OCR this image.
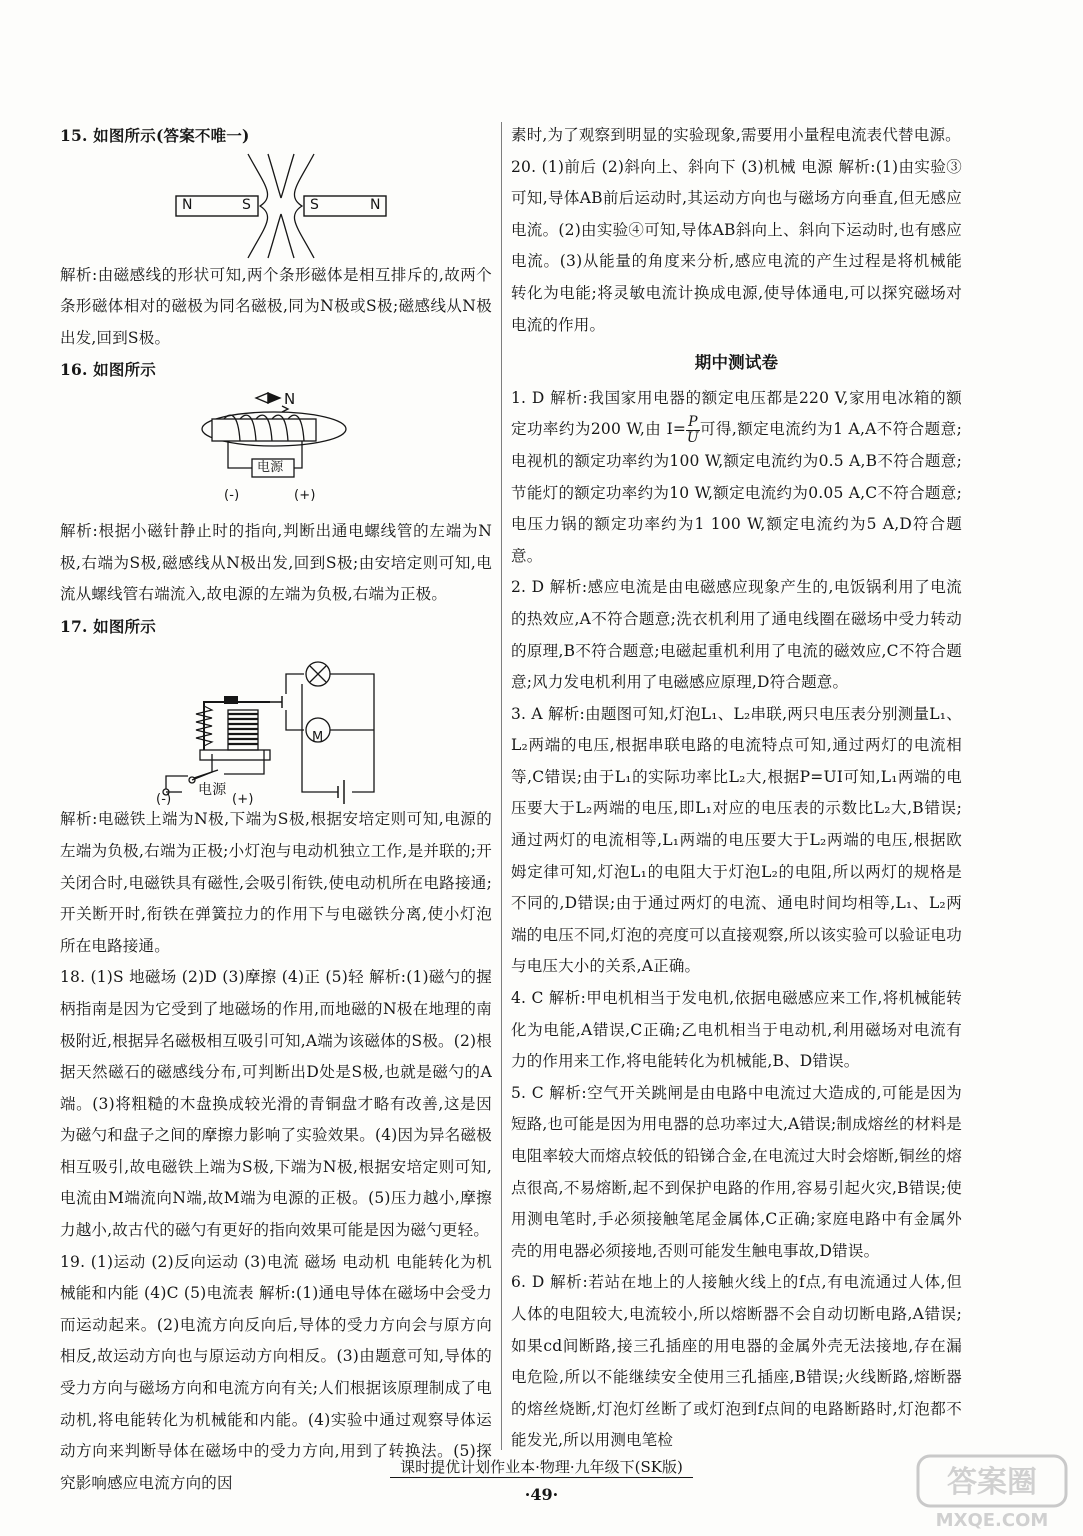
15. 如图所示(答案不唯一)

N	S	S	N

解析:由磁感线的形状可知,两个条形磁体是相互排斥的,故两个条形磁体相对的磁极为同名磁极,同为N极或S极;磁感线从N极出发,回到S极。

16. 如图所示

N
电源
(-)	(+)

解析:根据小磁针静止时的指向,判断出通电螺线管的左端为N极,右端为S极,磁感线从N极出发,回到S极;由安培定则可知,电流从螺线管右端流入,故电源的左端为负极,右端为正极。

17. 如图所示

M
电源
(-)	(+)

解析:电磁铁上端为N极,下端为S极,根据安培定则可知,电源的左端为负极,右端为正极;小灯泡与电动机独立工作,是并联的;开关闭合时,电磁铁具有磁性,会吸引衔铁,使电动机所在电路接通;开关断开时,衔铁在弹簧拉力的作用下与电磁铁分离,使小灯泡所在电路接通。

18. (1)S 地磁场 (2)D (3)摩擦 (4)正 (5)轻 解析:(1)磁勺的握柄指南是因为它受到了地磁场的作用,而地磁的N极在地理的南极附近,根据异名磁极相互吸引可知,A端为该磁体的S极。(2)根据天然磁石的磁感线分布,可判断出D处是S极,也就是磁勺的A端。(3)将粗糙的木盘换成较光滑的青铜盘才略有改善,这是因为磁勺和盘子之间的摩擦力影响了实验效果。(4)因为异名磁极相互吸引,故电磁铁上端为S极,下端为N极,根据安培定则可知,电流由M端流向N端,故M端为电源的正极。(5)压力越小,摩擦力越小,故古代的磁勺有更好的指向效果可能是因为磁勺更轻。

19. (1)运动 (2)反向运动 (3)电流 磁场 电动机 电能转化为机械能和内能 (4)C (5)电流表 解析:(1)通电导体在磁场中会受力而运动起来。(2)电流方向反向后,导体的受力方向会与原方向相反,故运动方向也与原运动方向相反。(3)由题意可知,导体的受力方向与磁场方向和电流方向有关;人们根据该原理制成了电动机,将电能转化为机械能和内能。(4)实验中通过观察导体运动方向来判断导体在磁场中的受力方向,用到了转换法。(5)探究影响感应电流方向的因

素时,为了观察到明显的实验现象,需要用小量程电流表代替电源。

20. (1)前后 (2)斜向上、斜向下 (3)机械 电源 解析:(1)由实验③可知,导体AB前后运动时,其运动方向也与磁场方向垂直,但无感应电流。(2)由实验④可知,导体AB斜向上、斜向下运动时,也有感应电流。(3)从能量的角度来分析,感应电流的产生过程是将机械能转化为电能;将灵敏电流计换成电源,使导体通电,可以探究磁场对电流的作用。

期中测试卷

1. D 解析:我国家用电器的额定电压都是220 V,家用电冰箱的额定功率约为200 W,由 $I= \frac{P}{U}$ 可得,额定电流约为1 A,A不符合题意;电视机的额定功率约为100 W,额定电流约为0.5 A,B不符合题意;节能灯的额定功率约为10 W,额定电流约为0.05 A,C不符合题意;电压力锅的额定功率约为1 100 W,额定电流约为5 A,D符合题意。

2. D 解析:感应电流是由电磁感应现象产生的,电饭锅利用了电流的热效应,A不符合题意;洗衣机利用了通电线圈在磁场中受力转动的原理,B不符合题意;电磁起重机利用了电流的磁效应,C不符合题意;风力发电机利用了电磁感应原理,D符合题意。

3. A 解析:由题图可知,灯泡L₁、L₂串联,两只电压表分别测量L₁、L₂两端的电压,根据串联电路的电流特点可知,通过两灯的电流相等,C错误;由于L₁的实际功率比L₂大,根据P=UI可知,L₁两端的电压要大于L₂两端的电压,即L₁对应的电压表的示数比L₂大,B错误;通过两灯的电流相等,L₁两端的电压要大于L₂两端的电压,根据欧姆定律可知,灯泡L₁的电阻大于灯泡L₂的电阻,所以两灯的规格是不同的,D错误;由于通过两灯的电流、通电时间均相等,L₁、L₂两端的电压不同,灯泡的亮度可以直接观察,所以该实验可以验证电功与电压大小的关系,A正确。

4. C 解析:甲电机相当于发电机,依据电磁感应来工作,将机械能转化为电能,A错误,C正确;乙电机相当于电动机,利用磁场对电流有力的作用来工作,将电能转化为机械能,B、D错误。

5. C 解析:空气开关跳闸是由电路中电流过大造成的,可能是因为短路,也可能是因为用电器的总功率过大,A错误;制成熔丝的材料是电阻率较大而熔点较低的铅锑合金,在电流过大时会熔断,铜丝的熔点很高,不易熔断,起不到保护电路的作用,容易引起火灾,B错误;使用测电笔时,手必须接触笔尾金属体,C正确;家庭电路中有金属外壳的用电器必须接地,否则可能发生触电事故,D错误。

6. D 解析:若站在地上的人接触火线上的f点,有电流通过人体,但人体的电阻较大,电流较小,所以熔断器不会自动切断电路,A错误;如果cd间断路,接三孔插座的用电器的金属外壳无法接地,存在漏电危险,所以不能继续安全使用三孔插座,B错误;火线断路,熔断器的熔丝烧断,灯泡灯丝断了或灯泡到f点间的电路断路时,灯泡都不能发光,所以用测电笔检

课时提优计划作业本·物理·九年级下(SK版)
·49·	答案圈
MXQE.COM
